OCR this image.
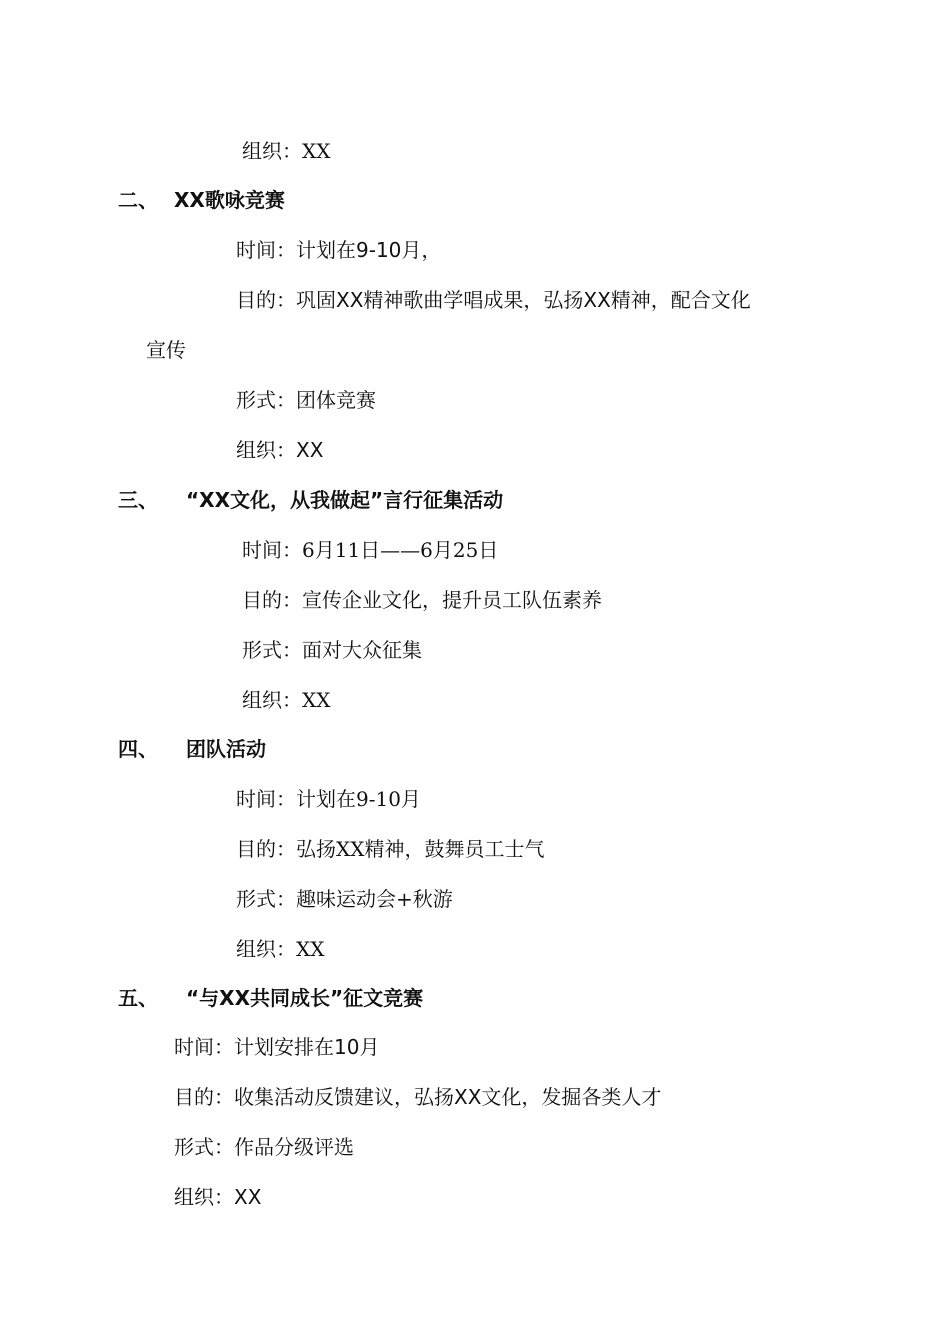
组织：XX
二、 XX歌咏竞赛
时间：计划在9-10月，
目的：巩固XX精神歌曲学唱成果，弘扬XX精神，配合文化
宣传
形式：团体竞赛
组织：XX
三、 “XX文化，从我做起”言行征集活动
时间：6月11日——6月25日
目的：宣传企业文化，提升员工队伍素养
形式：面对大众征集
组织：XX
四、 团队活动
时间：计划在9-10月
目的：弘扬XX精神，鼓舞员工士气
形式：趣味运动会+秋游
组织：XX
五、 “与XX共同成长”征文竞赛
时间：计划安排在10月
目的：收集活动反馈建议，弘扬XX文化，发掘各类人才
形式：作品分级评选
组织：XX
